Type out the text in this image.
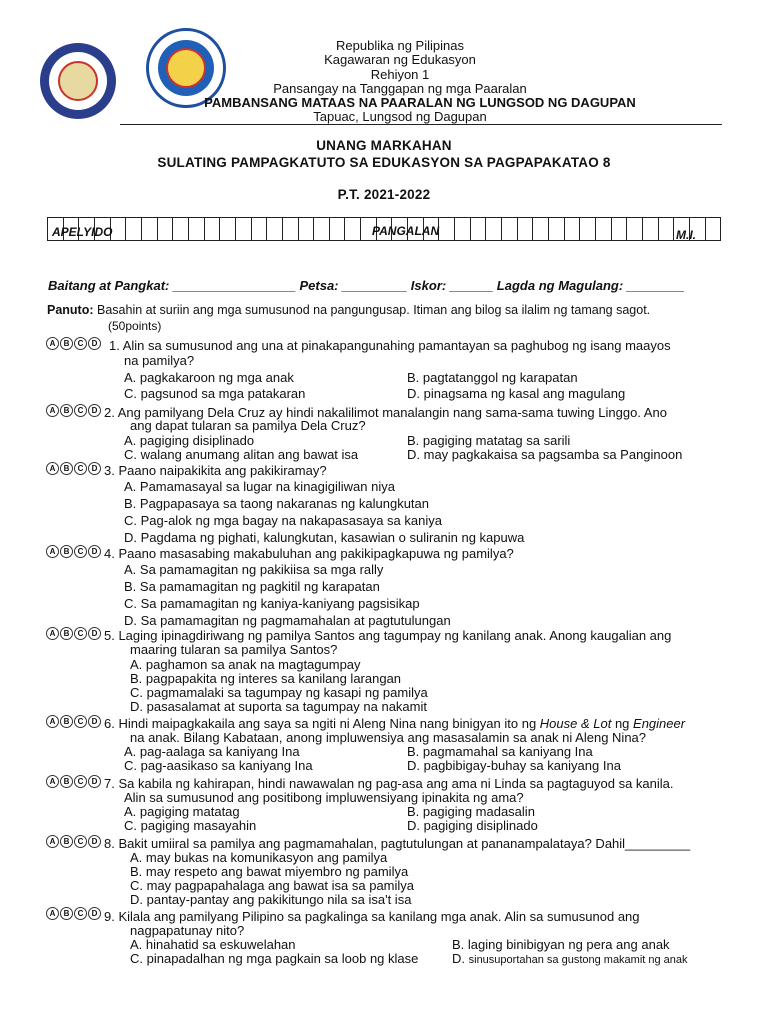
Republika ng Pilipinas
Kagawaran ng Edukasyon
Rehiyon 1
Pansangay na Tanggapan ng mga Paaralan
PAMBANSANG MATAAS NA PAARALAN NG LUNGSOD NG DAGUPAN
Tapuac, Lungsod ng Dagupan
UNANG MARKAHAN
SULATING PAMPAGKATUTO SA EDUKASYON SA PAGPAPAKATAO 8
P.T. 2021-2022
APELYIDO	PANGALAN	M.I.
Baitang at Pangkat: _________________ Petsa: _________ Iskor: ______ Lagda ng Magulang: ________
Panuto: Basahin at suriin ang mga sumusunod na pangungusap. Itiman ang bilog sa ilalim ng tamang sagot.
(50points)
A	B	C	D 1. Alin sa sumusunod ang una at pinakapangunahing pamantayan sa paghubog ng isang maayos
na pamilya?
A. pagkakaroon ng mga anak	B. pagtatanggol ng karapatan
C. pagsunod sa mga patakaran	D. pinagsama ng kasal ang magulang
A	B	C	D 2. Ang pamilyang Dela Cruz ay hindi nakalilimot manalangin nang sama-sama tuwing Linggo. Ano
ang dapat tularan sa pamilya Dela Cruz?
A. pagiging disiplinado	B. pagiging matatag sa sarili
C. walang anumang alitan ang bawat isa	D. may pagkakaisa sa pagsamba sa Panginoon
A	B	C	D 3. Paano naipakikita ang pakikiramay?
A. Pamamasayal sa lugar na kinagigiliwan niya
B. Pagpapasaya sa taong nakaranas ng kalungkutan
C. Pag-alok ng mga bagay na nakapasasaya sa kaniya
D. Pagdama ng pighati, kalungkutan, kasawian o suliranin ng kapuwa
A	B	C	D 4. Paano masasabing makabuluhan ang pakikipagkapuwa ng pamilya?
A. Sa pamamagitan ng pakikiisa sa mga rally
B. Sa pamamagitan ng pagkitil ng karapatan
C. Sa pamamagitan ng kaniya-kaniyang pagsisikap
D. Sa pamamagitan ng pagmamahalan at pagtutulungan
A	B	C	D 5. Laging ipinagdiriwang ng pamilya Santos ang tagumpay ng kanilang anak. Anong kaugalian ang
maaring tularan sa pamilya Santos?
A. paghamon sa anak na magtagumpay
B. pagpapakita ng interes sa kanilang larangan
C. pagmamalaki sa tagumpay ng kasapi ng pamilya
D. pasasalamat at suporta sa tagumpay na nakamit
A	B	C	D 6. Hindi maipagkakaila ang saya sa ngiti ni Aleng Nina nang binigyan ito ng House & Lot ng Engineer
na anak. Bilang Kabataan, anong impluwensiya ang masasalamin sa anak ni Aleng Nina?
A. pag-aalaga sa kaniyang Ina	B. pagmamahal sa kaniyang Ina
C. pag-aasikaso sa kaniyang Ina	D. pagbibigay-buhay sa kaniyang Ina
A	B	C	D 7. Sa kabila ng kahirapan, hindi nawawalan ng pag-asa ang ama ni Linda sa pagtaguyod sa kanila.
Alin sa sumusunod ang positibong impluwensiyang ipinakita ng ama?
A. pagiging matatag	B. pagiging madasalin
C. pagiging masayahin	D. pagiging disiplinado
A	B	C	D 8. Bakit umiiral sa pamilya ang pagmamahalan, pagtutulungan at pananampalataya? Dahil_________
A. may bukas na komunikasyon ang pamilya
B. may respeto ang bawat miyembro ng pamilya
C. may pagpapahalaga ang bawat isa sa pamilya
D. pantay-pantay ang pakikitungo nila sa isa't isa
A	B	C	D 9. Kilala ang pamilyang Pilipino sa pagkalinga sa kanilang mga anak. Alin sa sumusunod ang
nagpapatunay nito?
A. hinahatid sa eskuwelahan	B. laging binibigyan ng pera ang anak
C. pinapadalhan ng mga pagkain sa loob ng klase	D. sinusuportahan sa gustong makamit ng anak
